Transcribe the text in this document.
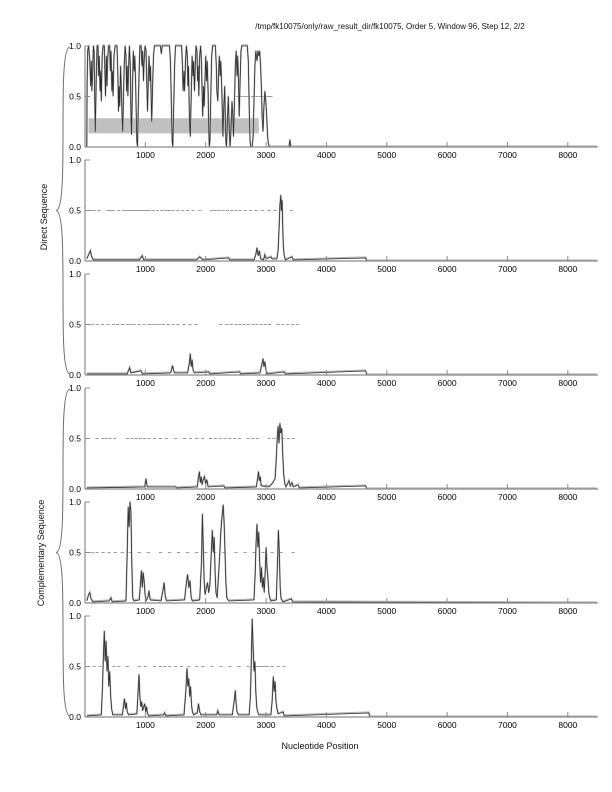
/tmp/fk10075/only/raw_result_dir/fk10075, Order 5, Window 96, Step 12, 2/2
Direct Sequence
Complementary Sequence
0.0
0.5
1.0
1000	2000	3000	4000	5000	6000	7000	8000
0.0
0.5
1.0
1000	2000	3000	4000	5000	6000	7000	8000
0.0
0.5
1.0
1000	2000	3000	4000	5000	6000	7000	8000
0.0
0.5
1.0
1000	2000	3000	4000	5000	6000	7000	8000
0.0
0.5
1.0
1000	2000	3000	4000	5000	6000	7000	8000
0.0
0.5
1.0
1000	2000	3000	4000	5000	6000	7000	8000
Nucleotide Position
